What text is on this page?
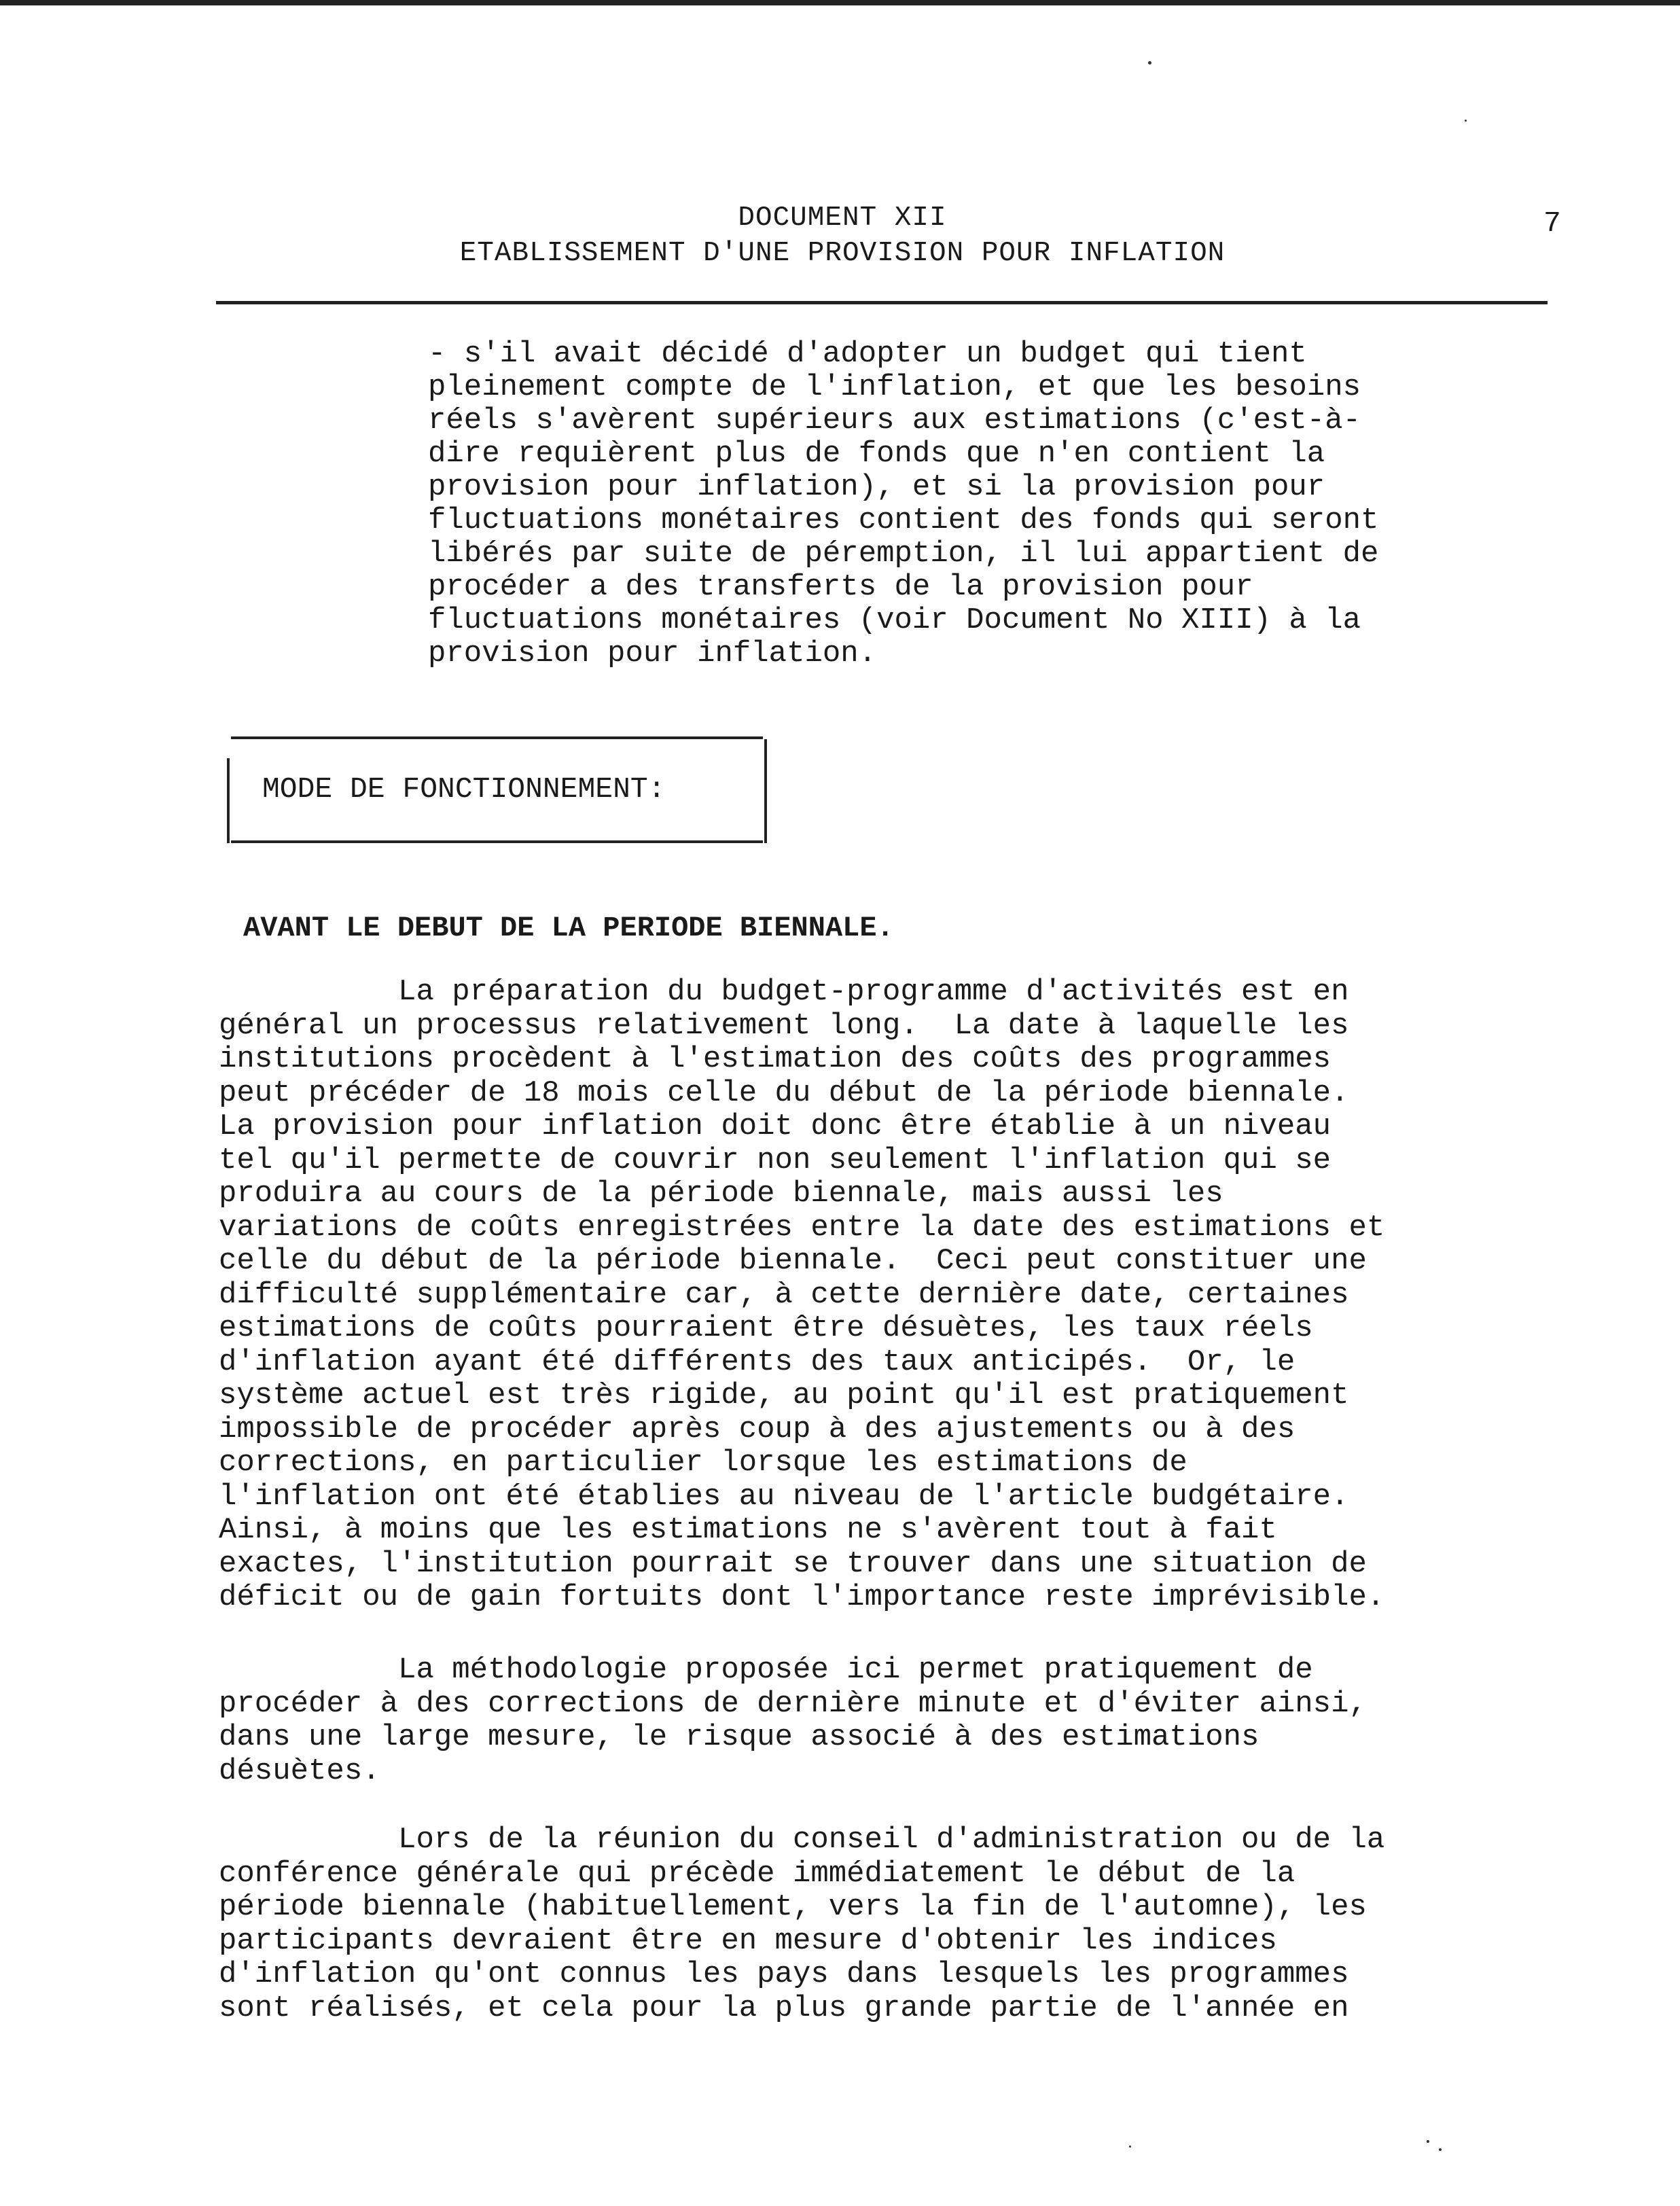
DOCUMENT XII
ETABLISSEMENT D'UNE PROVISION POUR INFLATION
7
- s'il avait décidé d'adopter un budget qui tient
pleinement compte de l'inflation, et que les besoins
réels s'avèrent supérieurs aux estimations (c'est-à-
dire requièrent plus de fonds que n'en contient la
provision pour inflation), et si la provision pour
fluctuations monétaires contient des fonds qui seront
libérés par suite de péremption, il lui appartient de
procéder a des transferts de la provision pour
fluctuations monétaires (voir Document No XIII) à la
provision pour inflation.
MODE DE FONCTIONNEMENT:
AVANT LE DEBUT DE LA PERIODE BIENNALE.
La préparation du budget-programme d'activités est en
général un processus relativement long.  La date à laquelle les
institutions procèdent à l'estimation des coûts des programmes
peut précéder de 18 mois celle du début de la période biennale.
La provision pour inflation doit donc être établie à un niveau
tel qu'il permette de couvrir non seulement l'inflation qui se
produira au cours de la période biennale, mais aussi les
variations de coûts enregistrées entre la date des estimations et
celle du début de la période biennale.  Ceci peut constituer une
difficulté supplémentaire car, à cette dernière date, certaines
estimations de coûts pourraient être désuètes, les taux réels
d'inflation ayant été différents des taux anticipés.  Or, le
système actuel est très rigide, au point qu'il est pratiquement
impossible de procéder après coup à des ajustements ou à des
corrections, en particulier lorsque les estimations de
l'inflation ont été établies au niveau de l'article budgétaire.
Ainsi, à moins que les estimations ne s'avèrent tout à fait
exactes, l'institution pourrait se trouver dans une situation de
déficit ou de gain fortuits dont l'importance reste imprévisible.
La méthodologie proposée ici permet pratiquement de
procéder à des corrections de dernière minute et d'éviter ainsi,
dans une large mesure, le risque associé à des estimations
désuètes.
Lors de la réunion du conseil d'administration ou de la
conférence générale qui précède immédiatement le début de la
période biennale (habituellement, vers la fin de l'automne), les
participants devraient être en mesure d'obtenir les indices
d'inflation qu'ont connus les pays dans lesquels les programmes
sont réalisés, et cela pour la plus grande partie de l'année en
